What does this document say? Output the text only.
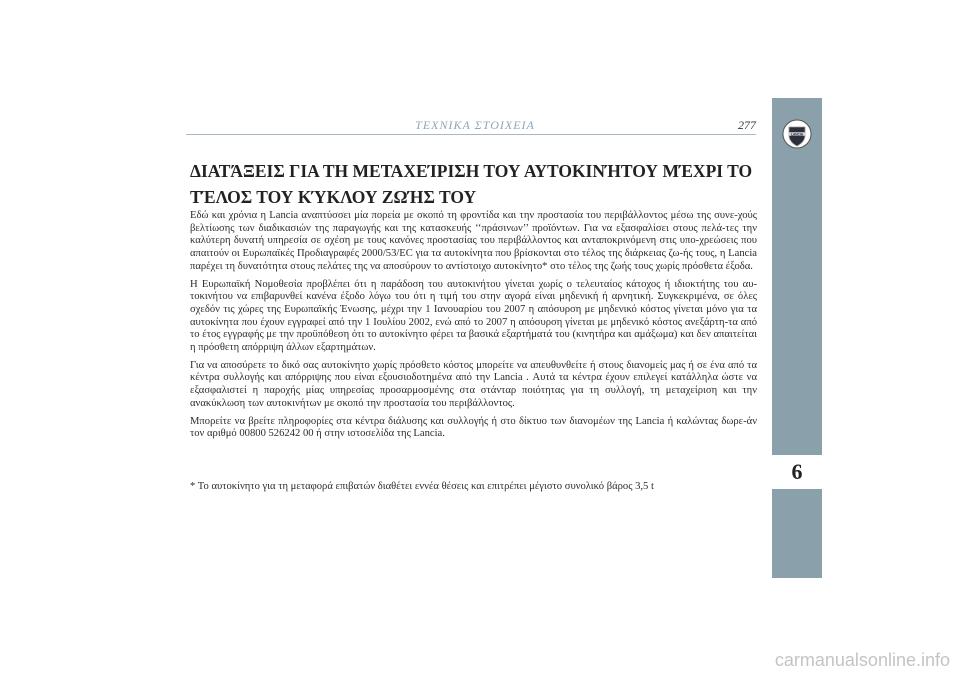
ΤΕΧΝΙΚΑ ΣΤΟΙΧΕΙΑ	277
LANCIA
6
ΔΙΑΤΆΞΕΙΣ ΓΙΑ ΤΗ ΜΕΤΑΧΕΊΡΙΣΗ ΤΟΥ ΑΥΤΟΚΙΝΉΤΟΥ ΜΈΧΡΙ ΤΟ
ΤΈΛΟΣ ΤΟΥ ΚΎΚΛΟΥ ΖΩΉΣ ΤΟΥ

Εδώ και χρόνια η Lancia αναπτύσσει μία πορεία με σκοπό τη φροντίδα και την προστασία του περιβάλλοντος μέσω της συνε-χούς βελτίωσης των διαδικασιών της παραγωγής και της κατασκευής ‘‘πράσινων’’ προϊόντων. Για να εξασφαλίσει στους πελά-τες την καλύτερη δυνατή υπηρεσία σε σχέση με τους κανόνες προστασίας του περιβάλλοντος και ανταποκρινόμενη στις υπο-χρεώσεις που απαιτούν οι Ευρωπαϊκές Προδιαγραφές 2000/53/EC για τα αυτοκίνητα που βρίσκονται στο τέλος της διάρκειας ζω-ής τους, η Lancia παρέχει τη δυνατότητα στους πελάτες της να αποσύρουν το αντίστοιχο αυτοκίνητο* στο τέλος της ζωής τους χωρίς πρόσθετα έξοδα.

Η Ευρωπαϊκή Νομοθεσία προβλέπει ότι η παράδοση του αυτοκινήτου γίνεται χωρίς ο τελευταίος κάτοχος ή ιδιοκτήτης του αυ-τοκινήτου να επιβαρυνθεί κανένα έξοδο λόγω του ότι η τιμή του στην αγορά είναι μηδενική ή αρνητική. Συγκεκριμένα, σε όλες σχεδόν τις χώρες της Ευρωπαϊκής Ένωσης, μέχρι την 1 Ιανουαρίου του 2007 η απόσυρση με μηδενικό κόστος γίνεται μόνο για τα αυτοκίνητα που έχουν εγγραφεί από την 1 Ιουλίου 2002, ενώ από το 2007 η απόσυρση γίνεται με μηδενικό κόστος ανεξάρτη-τα από το έτος εγγραφής με την προϋπόθεση ότι το αυτοκίνητο φέρει τα βασικά εξαρτήματά του (κινητήρα και αμάξωμα) και δεν απαιτείται η πρόσθετη απόρριψη άλλων εξαρτημάτων.

Για να αποσύρετε το δικό σας αυτοκίνητο χωρίς πρόσθετο κόστος μπορείτε να απευθυνθείτε ή στους διανομείς μας ή σε ένα από τα κέντρα συλλογής και απόρριψης που είναι εξουσιοδοτημένα από την Lancia . Αυτά τα κέντρα έχουν επιλεγεί κατάλληλα ώστε να εξασφαλιστεί η παροχής μίας υπηρεσίας προσαρμοσμένης στα στάνταρ ποιότητας για τη συλλογή, τη μεταχείριση και την ανακύκλωση των αυτοκινήτων με σκοπό την προστασία του περιβάλλοντος.

Μπορείτε να βρείτε πληροφορίες στα κέντρα διάλυσης και συλλογής ή στο δίκτυο των διανομέων της Lancia ή καλώντας δωρε-άν τον αριθμό 00800 526242 00 ή στην ιστοσελίδα της Lancia.

* Το αυτοκίνητο για τη μεταφορά επιβατών διαθέτει εννέα θέσεις και επιτρέπει μέγιστο συνολικό βάρος 3,5 t
carmanualsonline.info
